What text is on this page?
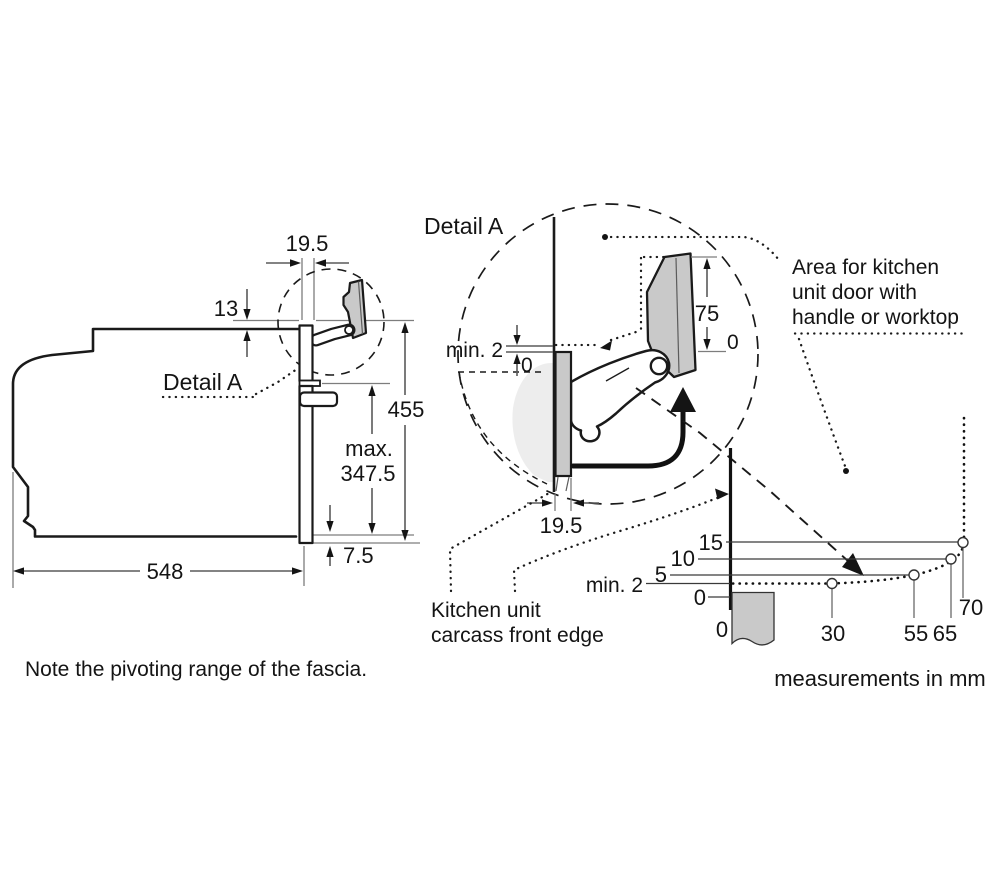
19.5
13
455
max.
347.5
7.5
548
Detail A
Detail A
min. 2
0
75
0
19.5
15
10
5
min. 2 0
0	30	55 65
70
measurements in mm
Area for kitchen
unit door with
handle or worktop
Kitchen unit
carcass front edge
Note the pivoting range of the fascia.
